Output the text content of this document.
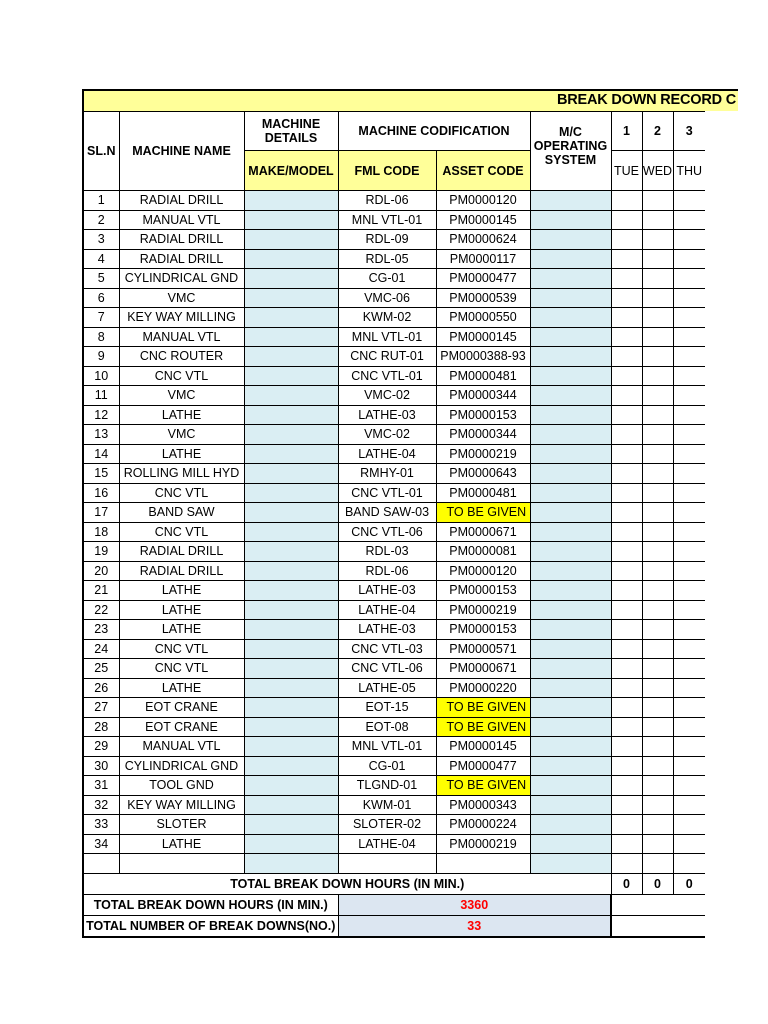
BREAK DOWN RECORD C
SL.N	MACHINE NAME	MACHINE DETAILS	MACHINE CODIFICATION		M/C OPERATING SYSTEM	1	2	3
		MAKE/MODEL	FML CODE	ASSET CODE		TUE	WED	THU
1	RADIAL DRILL		RDL-06	PM0000120				
2	MANUAL VTL		MNL VTL-01	PM0000145				
3	RADIAL DRILL		RDL-09	PM0000624				
4	RADIAL DRILL		RDL-05	PM0000117				
5	CYLINDRICAL GND		CG-01	PM0000477				
6	VMC		VMC-06	PM0000539				
7	KEY WAY MILLING		KWM-02	PM0000550				
8	MANUAL VTL		MNL VTL-01	PM0000145				
9	CNC ROUTER		CNC RUT-01	PM0000388-93				
10	CNC VTL		CNC VTL-01	PM0000481				
11	VMC		VMC-02	PM0000344				
12	LATHE		LATHE-03	PM0000153				
13	VMC		VMC-02	PM0000344				
14	LATHE		LATHE-04	PM0000219				
15	ROLLING MILL HYD		RMHY-01	PM0000643				
16	CNC VTL		CNC VTL-01	PM0000481				
17	BAND SAW		BAND SAW-03	TO BE GIVEN				
18	CNC VTL		CNC VTL-06	PM0000671				
19	RADIAL DRILL		RDL-03	PM0000081				
20	RADIAL DRILL		RDL-06	PM0000120				
21	LATHE		LATHE-03	PM0000153				
22	LATHE		LATHE-04	PM0000219				
23	LATHE		LATHE-03	PM0000153				
24	CNC VTL		CNC VTL-03	PM0000571				
25	CNC VTL		CNC VTL-06	PM0000671				
26	LATHE		LATHE-05	PM0000220				
27	EOT CRANE		EOT-15	TO BE GIVEN				
28	EOT CRANE		EOT-08	TO BE GIVEN				
29	MANUAL VTL		MNL VTL-01	PM0000145				
30	CYLINDRICAL GND		CG-01	PM0000477				
31	TOOL GND		TLGND-01	TO BE GIVEN				
32	KEY WAY MILLING		KWM-01	PM0000343				
33	SLOTER		SLOTER-02	PM0000224				
34	LATHE		LATHE-04	PM0000219				

TOTAL BREAK DOWN HOURS (IN MIN.)						0	0	0
TOTAL BREAK DOWN HOURS (IN MIN.)			3360					
TOTAL NUMBER OF BREAK DOWNS(NO.)			33					
